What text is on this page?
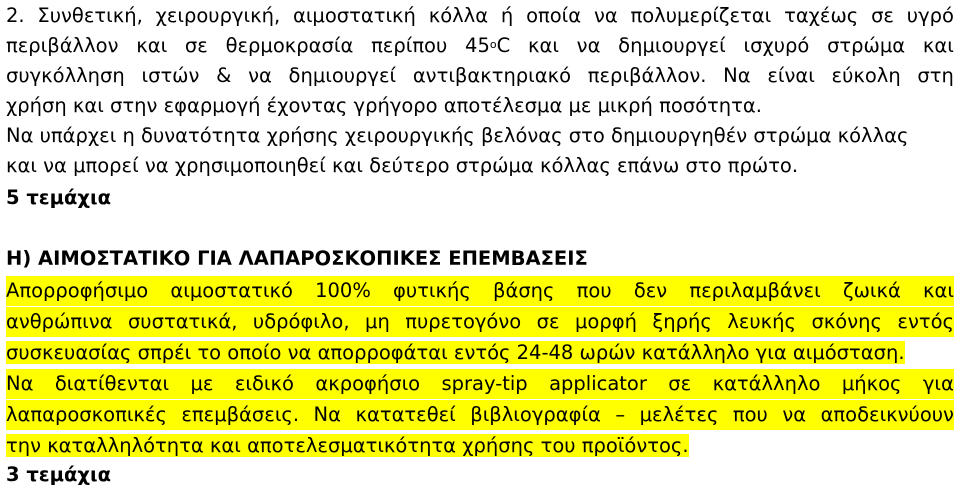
2. Συνθετική, χειρουργική, αιμοστατική κόλλα ή οποία να πολυμερίζεται ταχέως σε υγρό
περιβάλλον και σε θερμοκρασία περίπου 45$^o$C και να δημιουργεί ισχυρό στρώμα και
συγκόλληση ιστών & να δημιουργεί αντιβακτηριακό περιβάλλον. Να είναι εύκολη στη
χρήση και στην εφαρμογή έχοντας γρήγορο αποτέλεσμα με μικρή ποσότητα.
Να υπάρχει η δυνατότητα χρήσης χειρουργικής βελόνας στο δημιουργηθέν στρώμα κόλλας
και να μπορεί να χρησιμοποιηθεί και δεύτερο στρώμα κόλλας επάνω στο πρώτο.
5 τεμάχια
Η) ΑΙΜΟΣΤΑΤΙΚΟ ΓΙΑ ΛΑΠΑΡΟΣΚΟΠΙΚΕΣ ΕΠΕΜΒΑΣΕΙΣ
Απορροφήσιμο αιμοστατικό 100% φυτικής βάσης που δεν περιλαμβάνει ζωικά και
ανθρώπινα συστατικά, υδρόφιλο, μη πυρετογόνο σε μορφή ξηρής λευκής σκόνης εντός
συσκευασίας σπρέι το οποίο να απορροφάται εντός 24-48 ωρών κατάλληλο για αιμόσταση.
Να διατίθενται με ειδικό ακροφήσιο spray-tip applicator σε κατάλληλο μήκος για
λαπαροσκοπικές επεμβάσεις. Να κατατεθεί βιβλιογραφία – μελέτες που να αποδεικνύουν
την καταλληλότητα και αποτελεσματικότητα χρήσης του προϊόντος.
3 τεμάχια
